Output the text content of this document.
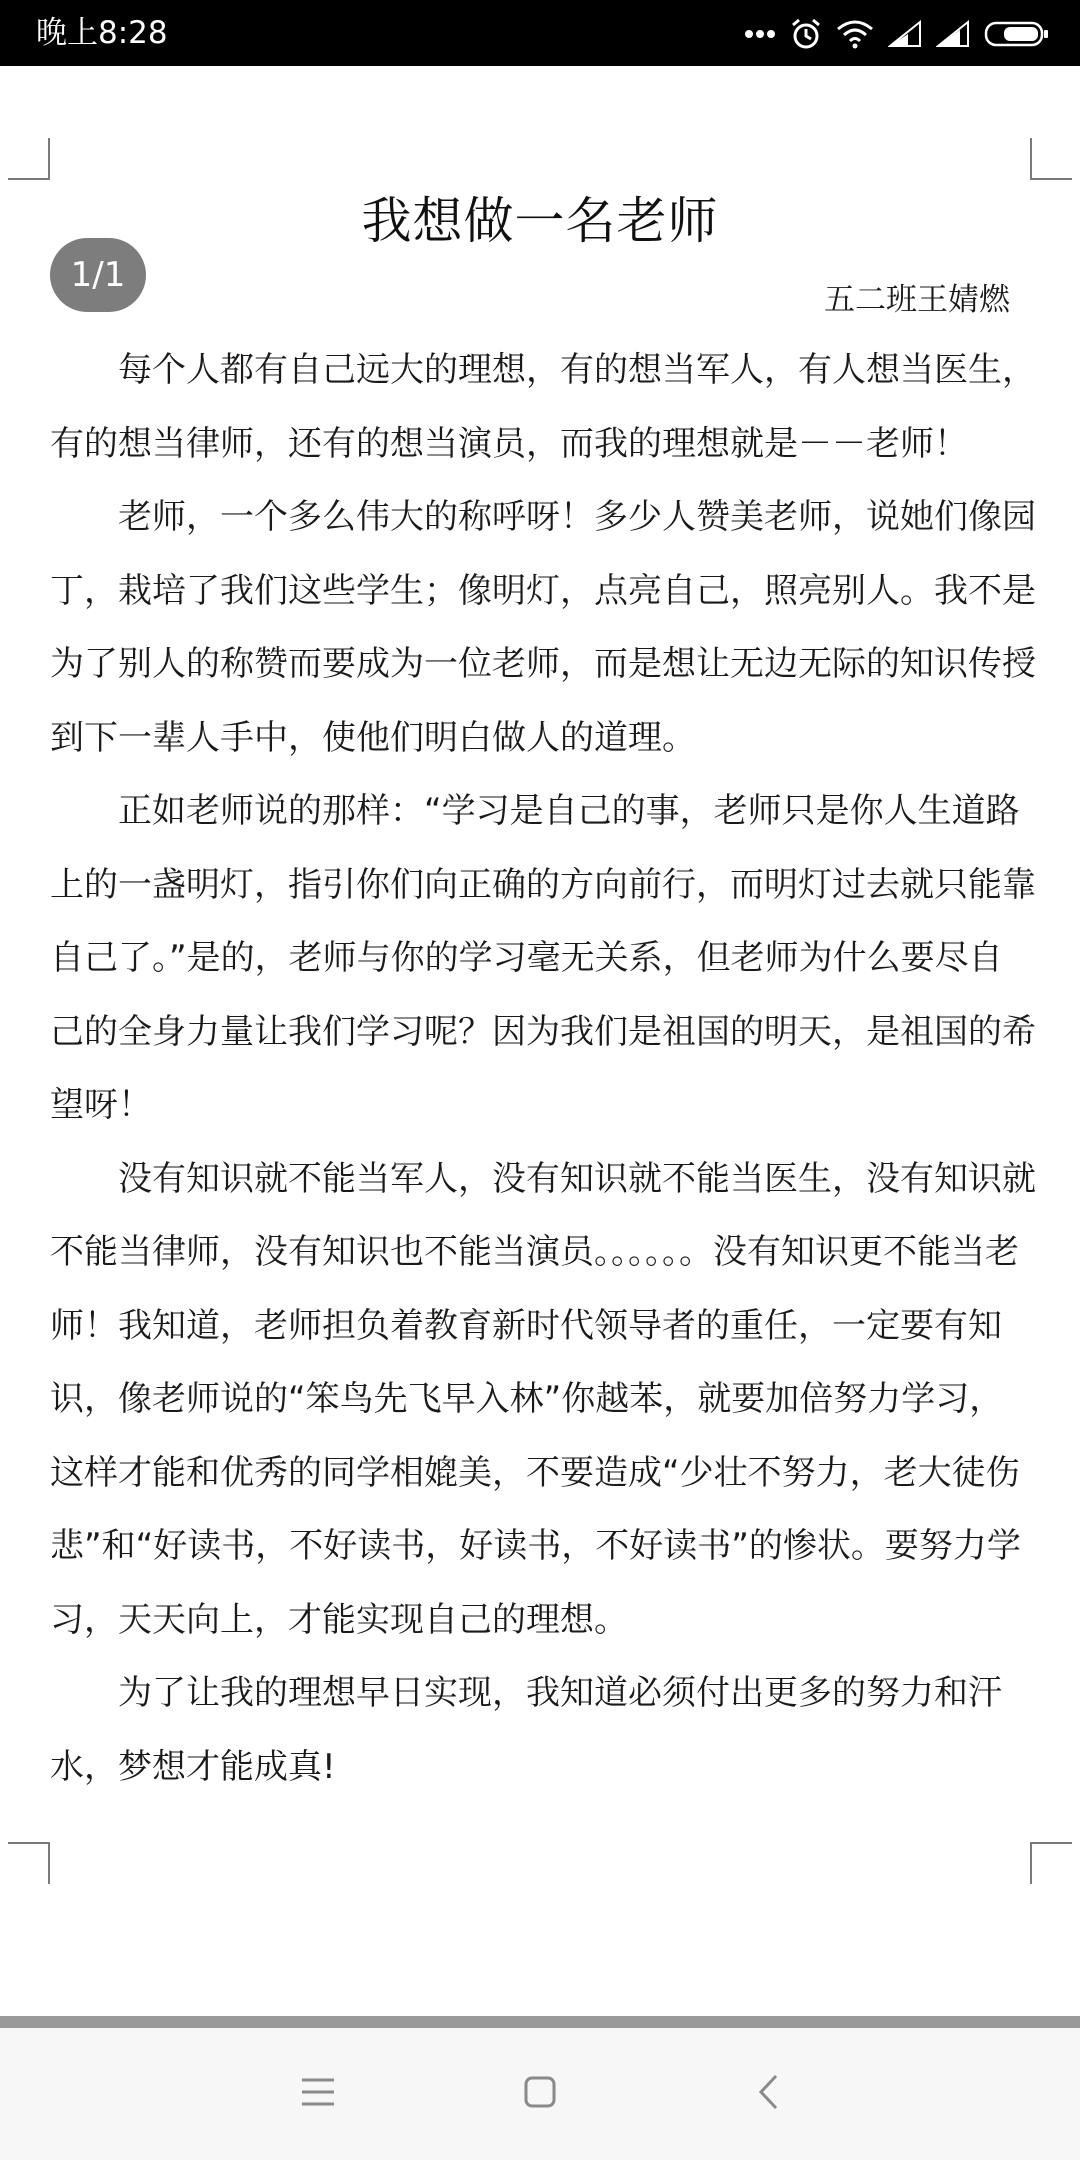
晚上8:28
我想做一名老师
1/1
五二班王婧燃

每个人都有自己远大的理想，有的想当军人，有人想当医生，有的想当律师，还有的想当演员，而我的理想就是－－老师！

老师，一个多么伟大的称呼呀！多少人赞美老师，说她们像园丁，栽培了我们这些学生；像明灯，点亮自己，照亮别人。我不是为了别人的称赞而要成为一位老师，而是想让无边无际的知识传授到下一辈人手中，使他们明白做人的道理。

正如老师说的那样：“学习是自己的事，老师只是你人生道路上的一盏明灯，指引你们向正确的方向前行，而明灯过去就只能靠自己了。”是的，老师与你的学习毫无关系，但老师为什么要尽自己的全身力量让我们学习呢？因为我们是祖国的明天，是祖国的希望呀！

没有知识就不能当军人，没有知识就不能当医生，没有知识就不能当律师，没有知识也不能当演员。。。。。。没有知识更不能当老师！我知道，老师担负着教育新时代领导者的重任，一定要有知识，像老师说的“笨鸟先飞早入林”你越苯，就要加倍努力学习，这样才能和优秀的同学相媲美，不要造成“少壮不努力，老大徒伤悲”和“好读书，不好读书，好读书，不好读书”的惨状。要努力学习，天天向上，才能实现自己的理想。

为了让我的理想早日实现，我知道必须付出更多的努力和汗水，梦想才能成真!
